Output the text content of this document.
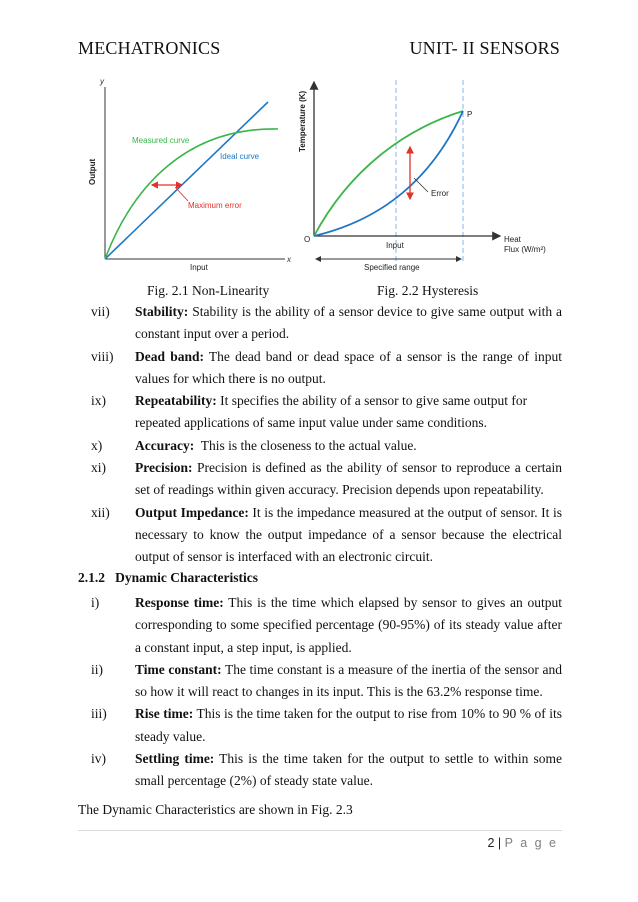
MECHATRONICS	UNIT- II SENSORS
y
x
Output
Input
Measured curve
Ideal curve
Maximum error
Temperature (K)
O
P
Error
Input
Heat
Flux (W/m²)
Specified range
Fig. 2.1 Non-Linearity	Fig. 2.2 Hysteresis
vii)	Stability: Stability is the ability of a sensor device to give same output with a constant input over a period.
viii)	Dead band: The dead band or dead space of a sensor is the range of input values for which there is no output.
ix)	Repeatability: It specifies the ability of a sensor to give same output for repeated applications of same input value under same conditions.
x)	Accuracy:  This is the closeness to the actual value.
xi)	Precision: Precision is defined as the ability of sensor to reproduce a certain set of readings within given accuracy. Precision depends upon repeatability.
xii)	Output Impedance: It is the impedance measured at the output of sensor. It is necessary to know the output impedance of a sensor because the electrical output of sensor is interfaced with an electronic circuit.
2.1.2 Dynamic Characteristics
i)	Response time: This is the time which elapsed by sensor to gives an output corresponding to some specified percentage (90-95%) of its steady value after a constant input, a step input, is applied.
ii)	Time constant: The time constant is a measure of the inertia of the sensor and so how it will react to changes in its input. This is the 63.2% response time.
iii)	Rise time: This is the time taken for the output to rise from 10% to 90 % of its steady value.
iv)	Settling time: This is the time taken for the output to settle to within some small percentage (2%) of steady state value.
The Dynamic Characteristics are shown in Fig. 2.3
2 | P a g e
